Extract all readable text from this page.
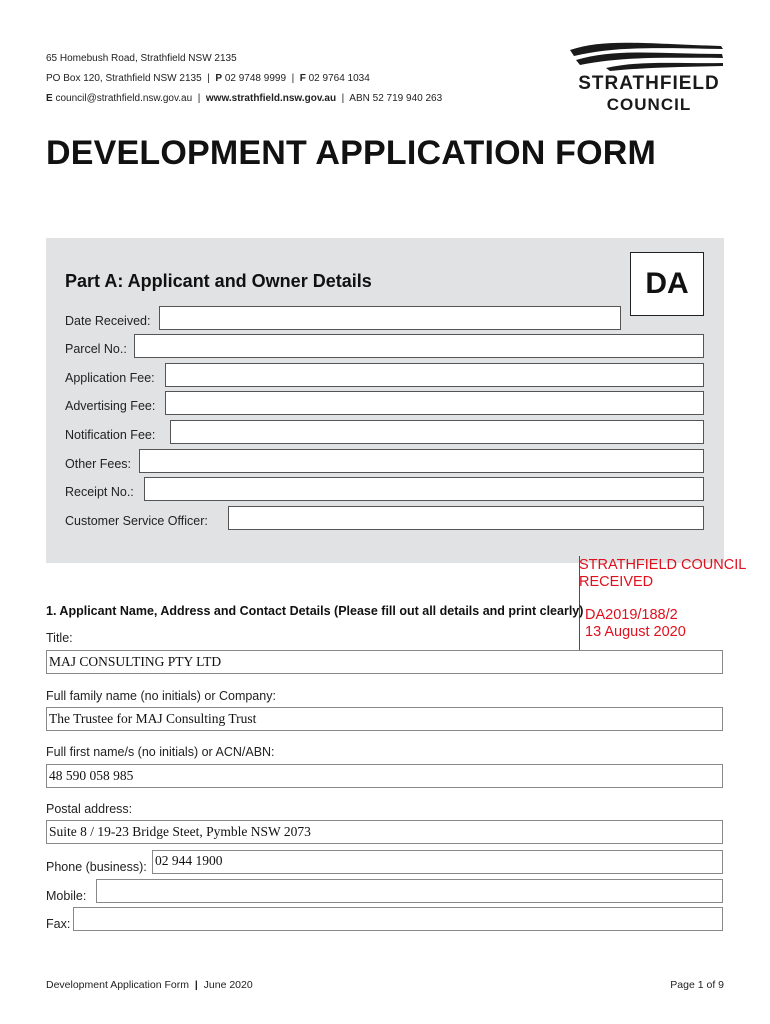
65 Homebush Road, Strathfield NSW 2135
PO Box 120, Strathfield NSW 2135 | P 02 9748 9999 | F 02 9764 1034
E council@strathfield.nsw.gov.au | www.strathfield.nsw.gov.au | ABN 52 719 940 263
STRATHFIELD
COUNCIL
DEVELOPMENT APPLICATION FORM
Part A: Applicant and Owner Details	DA
Date Received:
Parcel No.:
Application Fee:
Advertising Fee:
Notification Fee:
Other Fees:
Receipt No.:
Customer Service Officer:
STRATHFIELD COUNCIL
RECEIVED
1. Applicant Name, Address and Contact Details (Please fill out all details and print clearly) DA2019/188/2
13 August 2020
Title:
MAJ CONSULTING PTY LTD
Full family name (no initials) or Company:
The Trustee for MAJ Consulting Trust
Full first name/s (no initials) or ACN/ABN:
48 590 058 985
Postal address:
Suite 8 / 19-23 Bridge Steet, Pymble NSW 2073
Phone (business): 02 944 1900
Mobile:
Fax:
Development Application Form | June 2020	Page 1 of 9
